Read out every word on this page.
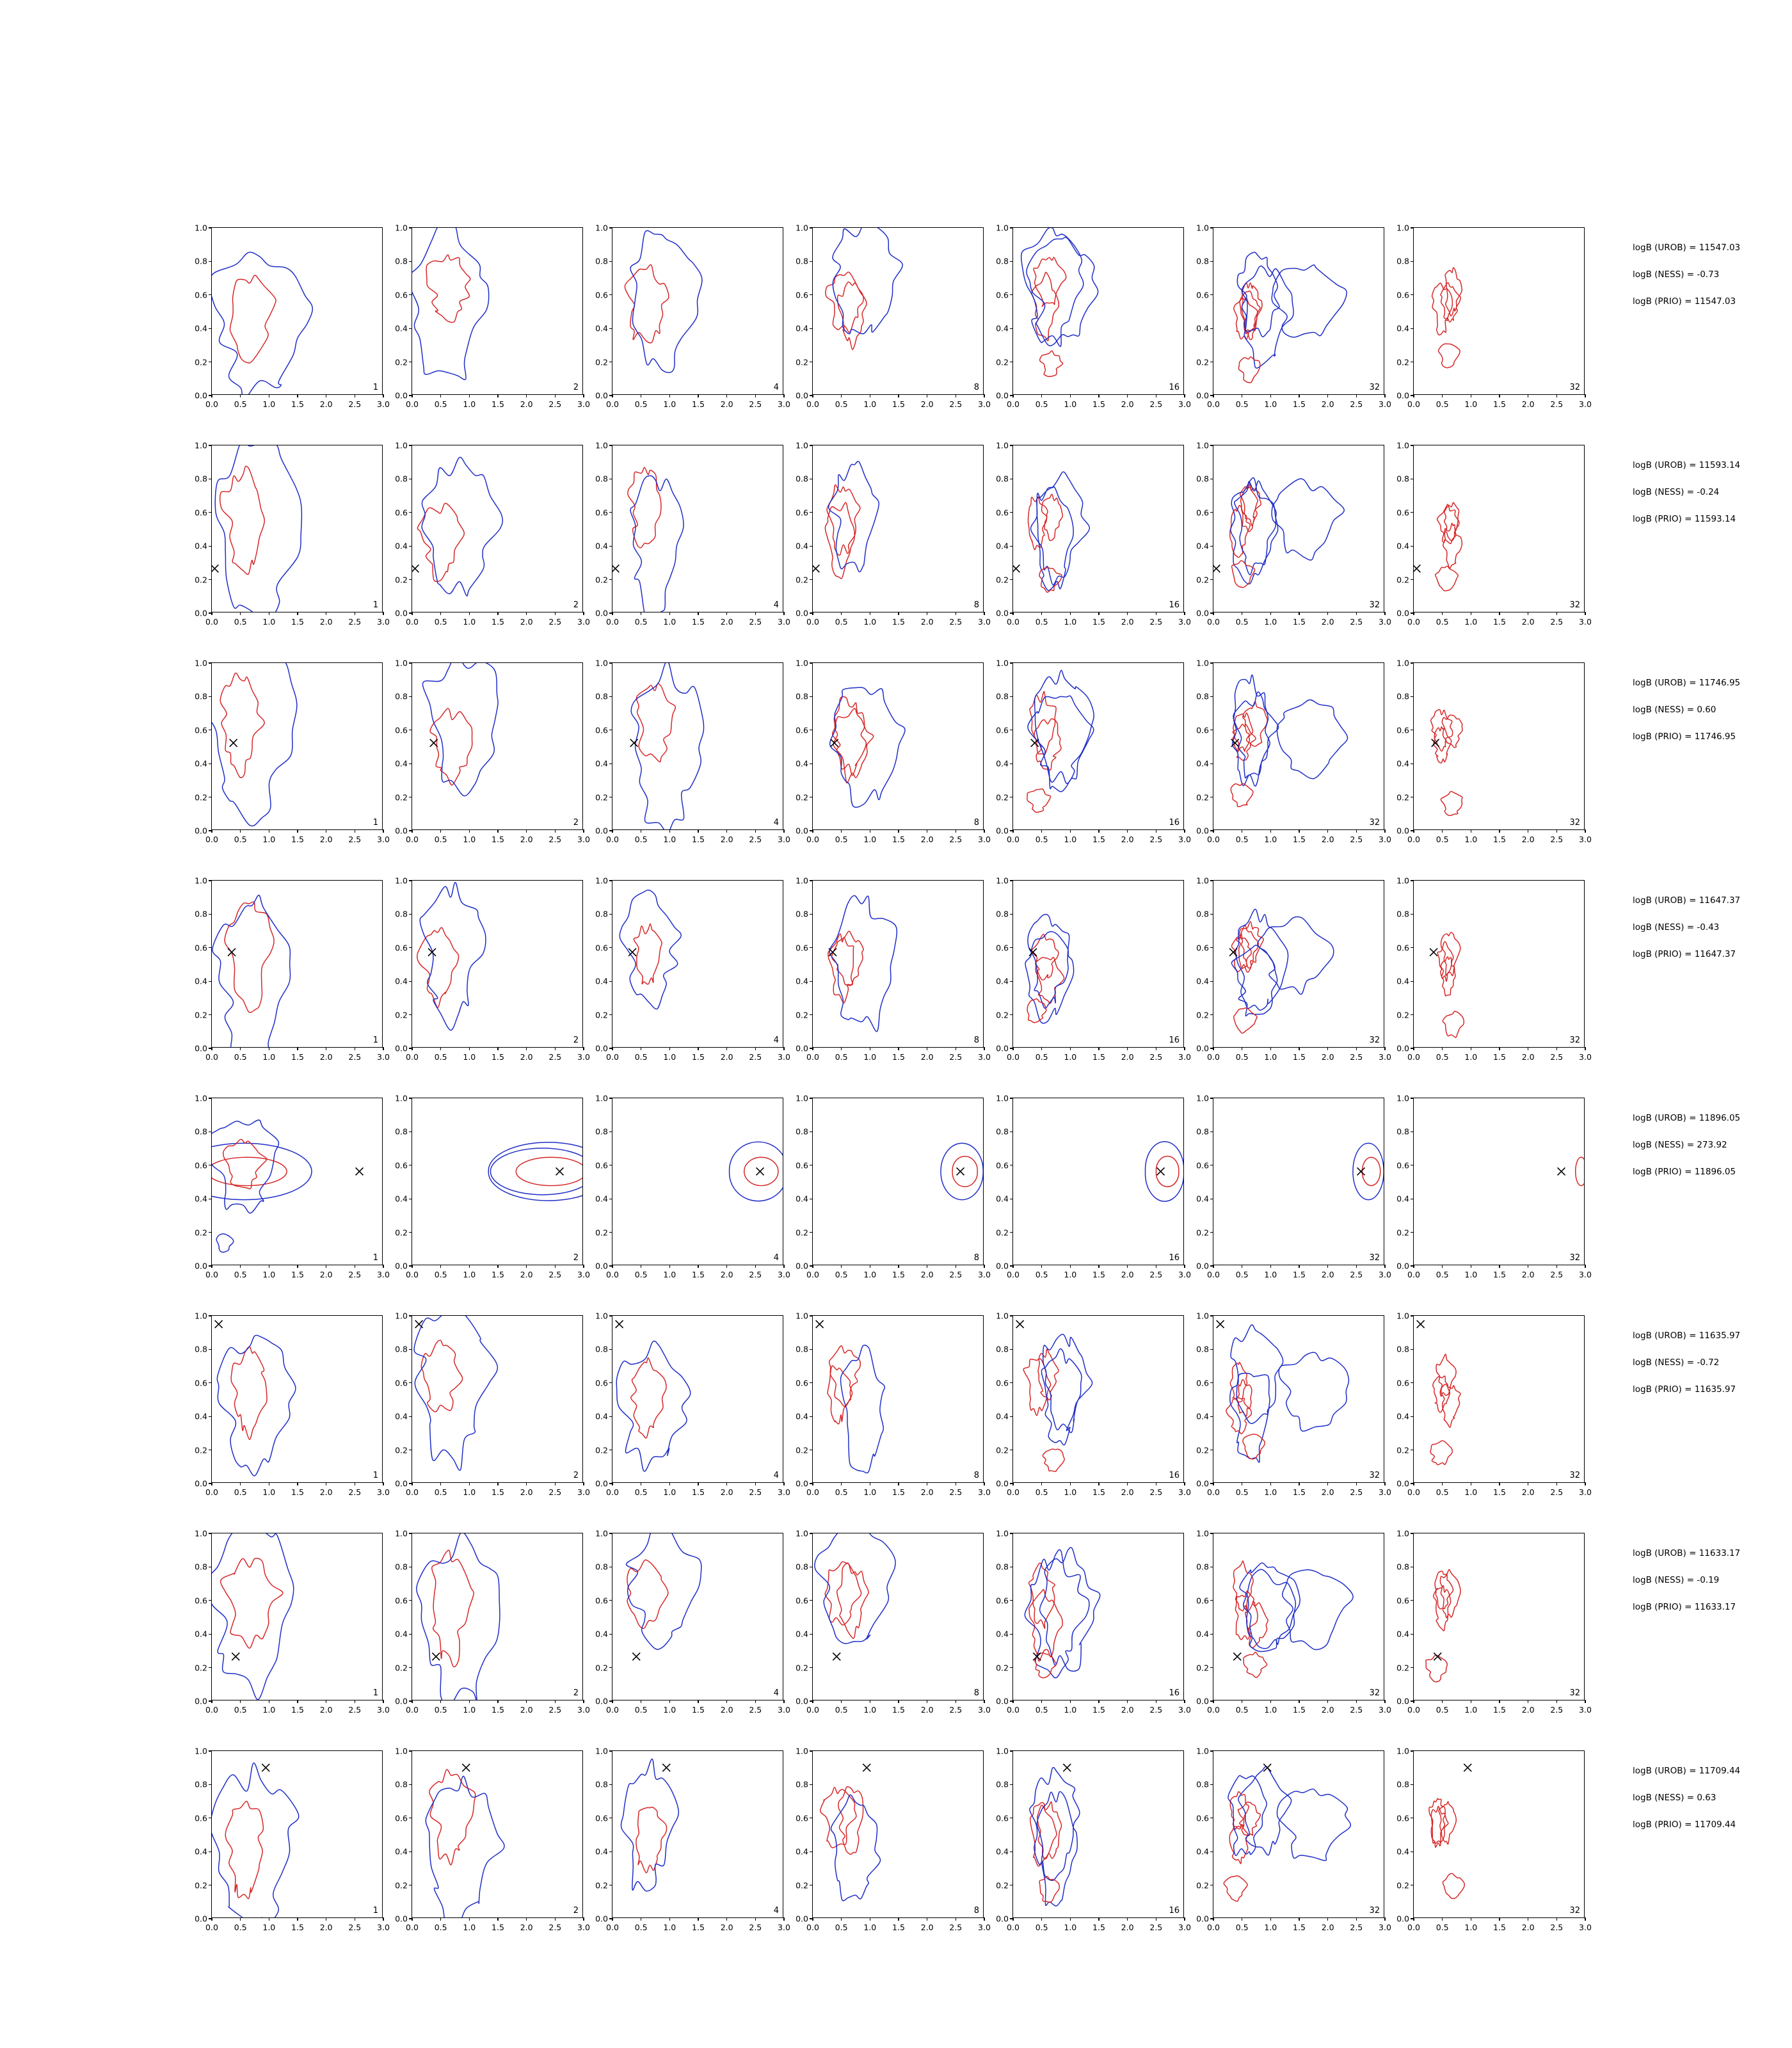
0.0
0.2
0.4
0.6
0.8
1.0
0.0 0.5 1.0 1.5 2.0 2.5 3.0
1
0.0
0.2
0.4
0.6
0.8
1.0
0.0 0.5 1.0 1.5 2.0 2.5 3.0
2
0.0
0.2
0.4
0.6
0.8
1.0
0.0 0.5 1.0 1.5 2.0 2.5 3.0
4
0.0
0.2
0.4
0.6
0.8
1.0
0.0 0.5 1.0 1.5 2.0 2.5 3.0
8
0.0
0.2
0.4
0.6
0.8
1.0
0.0 0.5 1.0 1.5 2.0 2.5 3.0
16
0.0
0.2
0.4
0.6
0.8
1.0
0.0 0.5 1.0 1.5 2.0 2.5 3.0
32
0.0
0.2
0.4
0.6
0.8
1.0
0.0 0.5 1.0 1.5 2.0 2.5 3.0
32
logB (UROB) = 11547.03
logB (NESS) = -0.73
logB (PRIO) = 11547.03
0.0
0.2
0.4
0.6
0.8
1.0
0.0 0.5 1.0 1.5 2.0 2.5 3.0
1
0.0
0.2
0.4
0.6
0.8
1.0
0.0 0.5 1.0 1.5 2.0 2.5 3.0
2
0.0
0.2
0.4
0.6
0.8
1.0
0.0 0.5 1.0 1.5 2.0 2.5 3.0
4
0.0
0.2
0.4
0.6
0.8
1.0
0.0 0.5 1.0 1.5 2.0 2.5 3.0
8
0.0
0.2
0.4
0.6
0.8
1.0
0.0 0.5 1.0 1.5 2.0 2.5 3.0
16
0.0
0.2
0.4
0.6
0.8
1.0
0.0 0.5 1.0 1.5 2.0 2.5 3.0
32
0.0
0.2
0.4
0.6
0.8
1.0
0.0 0.5 1.0 1.5 2.0 2.5 3.0
32
logB (UROB) = 11593.14
logB (NESS) = -0.24
logB (PRIO) = 11593.14
0.0
0.2
0.4
0.6
0.8
1.0
0.0 0.5 1.0 1.5 2.0 2.5 3.0
1
0.0
0.2
0.4
0.6
0.8
1.0
0.0 0.5 1.0 1.5 2.0 2.5 3.0
2
0.0
0.2
0.4
0.6
0.8
1.0
0.0 0.5 1.0 1.5 2.0 2.5 3.0
4
0.0
0.2
0.4
0.6
0.8
1.0
0.0 0.5 1.0 1.5 2.0 2.5 3.0
8
0.0
0.2
0.4
0.6
0.8
1.0
0.0 0.5 1.0 1.5 2.0 2.5 3.0
16
0.0
0.2
0.4
0.6
0.8
1.0
0.0 0.5 1.0 1.5 2.0 2.5 3.0
32
0.0
0.2
0.4
0.6
0.8
1.0
0.0 0.5 1.0 1.5 2.0 2.5 3.0
32
logB (UROB) = 11746.95
logB (NESS) = 0.60
logB (PRIO) = 11746.95
0.0
0.2
0.4
0.6
0.8
1.0
0.0 0.5 1.0 1.5 2.0 2.5 3.0
1
0.0
0.2
0.4
0.6
0.8
1.0
0.0 0.5 1.0 1.5 2.0 2.5 3.0
2
0.0
0.2
0.4
0.6
0.8
1.0
0.0 0.5 1.0 1.5 2.0 2.5 3.0
4
0.0
0.2
0.4
0.6
0.8
1.0
0.0 0.5 1.0 1.5 2.0 2.5 3.0
8
0.0
0.2
0.4
0.6
0.8
1.0
0.0 0.5 1.0 1.5 2.0 2.5 3.0
16
0.0
0.2
0.4
0.6
0.8
1.0
0.0 0.5 1.0 1.5 2.0 2.5 3.0
32
0.0
0.2
0.4
0.6
0.8
1.0
0.0 0.5 1.0 1.5 2.0 2.5 3.0
32
logB (UROB) = 11647.37
logB (NESS) = -0.43
logB (PRIO) = 11647.37
0.0
0.2
0.4
0.6
0.8
1.0
0.0 0.5 1.0 1.5 2.0 2.5 3.0
1
0.0
0.2
0.4
0.6
0.8
1.0
0.0 0.5 1.0 1.5 2.0 2.5 3.0
2
0.0
0.2
0.4
0.6
0.8
1.0
0.0 0.5 1.0 1.5 2.0 2.5 3.0
4
0.0
0.2
0.4
0.6
0.8
1.0
0.0 0.5 1.0 1.5 2.0 2.5 3.0
8
0.0
0.2
0.4
0.6
0.8
1.0
0.0 0.5 1.0 1.5 2.0 2.5 3.0
16
0.0
0.2
0.4
0.6
0.8
1.0
0.0 0.5 1.0 1.5 2.0 2.5 3.0
32
0.0
0.2
0.4
0.6
0.8
1.0
0.0 0.5 1.0 1.5 2.0 2.5 3.0
32
logB (UROB) = 11896.05
logB (NESS) = 273.92
logB (PRIO) = 11896.05
0.0
0.2
0.4
0.6
0.8
1.0
0.0 0.5 1.0 1.5 2.0 2.5 3.0
1
0.0
0.2
0.4
0.6
0.8
1.0
0.0 0.5 1.0 1.5 2.0 2.5 3.0
2
0.0
0.2
0.4
0.6
0.8
1.0
0.0 0.5 1.0 1.5 2.0 2.5 3.0
4
0.0
0.2
0.4
0.6
0.8
1.0
0.0 0.5 1.0 1.5 2.0 2.5 3.0
8
0.0
0.2
0.4
0.6
0.8
1.0
0.0 0.5 1.0 1.5 2.0 2.5 3.0
16
0.0
0.2
0.4
0.6
0.8
1.0
0.0 0.5 1.0 1.5 2.0 2.5 3.0
32
0.0
0.2
0.4
0.6
0.8
1.0
0.0 0.5 1.0 1.5 2.0 2.5 3.0
32
logB (UROB) = 11635.97
logB (NESS) = -0.72
logB (PRIO) = 11635.97
0.0
0.2
0.4
0.6
0.8
1.0
0.0 0.5 1.0 1.5 2.0 2.5 3.0
1
0.0
0.2
0.4
0.6
0.8
1.0
0.0 0.5 1.0 1.5 2.0 2.5 3.0
2
0.0
0.2
0.4
0.6
0.8
1.0
0.0 0.5 1.0 1.5 2.0 2.5 3.0
4
0.0
0.2
0.4
0.6
0.8
1.0
0.0 0.5 1.0 1.5 2.0 2.5 3.0
8
0.0
0.2
0.4
0.6
0.8
1.0
0.0 0.5 1.0 1.5 2.0 2.5 3.0
16
0.0
0.2
0.4
0.6
0.8
1.0
0.0 0.5 1.0 1.5 2.0 2.5 3.0
32
0.0
0.2
0.4
0.6
0.8
1.0
0.0 0.5 1.0 1.5 2.0 2.5 3.0
32
logB (UROB) = 11633.17
logB (NESS) = -0.19
logB (PRIO) = 11633.17
0.0
0.2
0.4
0.6
0.8
1.0
0.0 0.5 1.0 1.5 2.0 2.5 3.0
1
0.0
0.2
0.4
0.6
0.8
1.0
0.0 0.5 1.0 1.5 2.0 2.5 3.0
2
0.0
0.2
0.4
0.6
0.8
1.0
0.0 0.5 1.0 1.5 2.0 2.5 3.0
4
0.0
0.2
0.4
0.6
0.8
1.0
0.0 0.5 1.0 1.5 2.0 2.5 3.0
8
0.0
0.2
0.4
0.6
0.8
1.0
0.0 0.5 1.0 1.5 2.0 2.5 3.0
16
0.0
0.2
0.4
0.6
0.8
1.0
0.0 0.5 1.0 1.5 2.0 2.5 3.0
32
0.0
0.2
0.4
0.6
0.8
1.0
0.0 0.5 1.0 1.5 2.0 2.5 3.0
32
logB (UROB) = 11709.44
logB (NESS) = 0.63
logB (PRIO) = 11709.44
